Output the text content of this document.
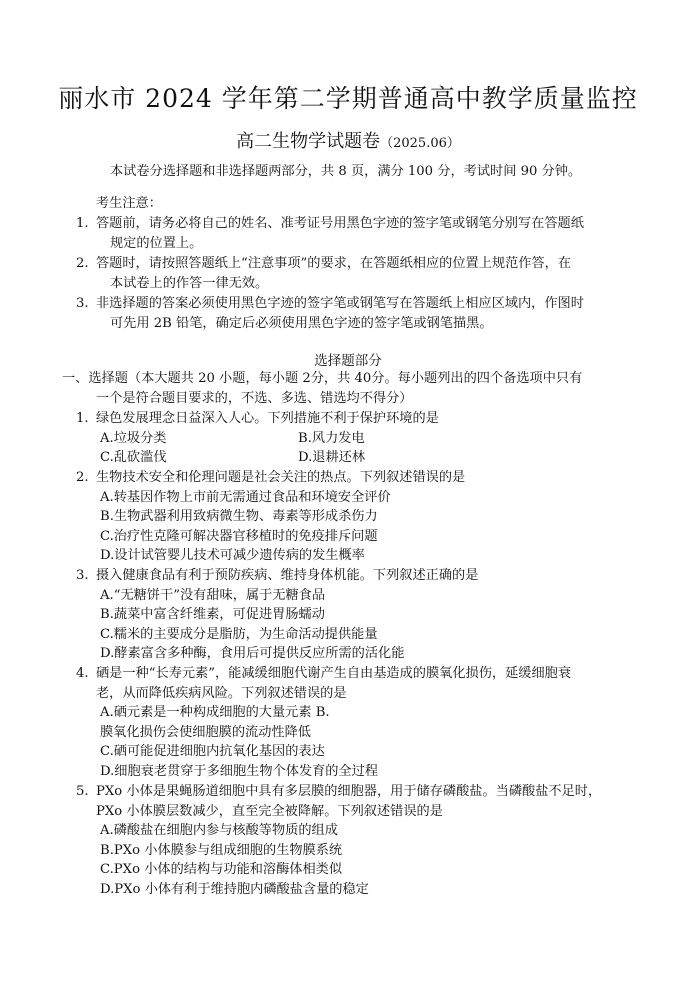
丽水市 2024 学年第二学期普通高中教学质量监控
高二生物学试题卷（2025.06）
本试卷分选择题和非选择题两部分，共 8 页，满分 100 分，考试时间 90 分钟。
考生注意：
1. 答题前，请务必将自己的姓名、准考证号用黑色字迹的签字笔或钢笔分别写在答题纸
规定的位置上。
2. 答题时，请按照答题纸上“注意事项”的要求，在答题纸相应的位置上规范作答，在
本试卷上的作答一律无效。
3. 非选择题的答案必须使用黑色字迹的签字笔或钢笔写在答题纸上相应区域内，作图时
可先用 2B 铅笔，确定后必须使用黑色字迹的签字笔或钢笔描黑。
选择题部分
一、选择题（本大题共 20 小题，每小题 2分，共 40分。每小题列出的四个备选项中只有
一个是符合题目要求的，不选、多选、错选均不得分）
1. 绿色发展理念日益深入人心。下列措施不利于保护环境的是
A.垃圾分类	B.风力发电
C.乱砍滥伐	D.退耕还林
2. 生物技术安全和伦理问题是社会关注的热点。下列叙述错误的是
A.转基因作物上市前无需通过食品和环境安全评价
B.生物武器利用致病微生物、毒素等形成杀伤力
C.治疗性克隆可解决器官移植时的免疫排斥问题
D.设计试管婴儿技术可减少遗传病的发生概率
3. 摄入健康食品有利于预防疾病、维持身体机能。下列叙述正确的是
A.“无糖饼干”没有甜味，属于无糖食品
B.蔬菜中富含纤维素，可促进胃肠蠕动
C.糯米的主要成分是脂肪，为生命活动提供能量
D.酵素富含多种酶，食用后可提供反应所需的活化能
4. 硒是一种“长寿元素”，能减缓细胞代谢产生自由基造成的膜氧化损伤，延缓细胞衰
老，从而降低疾病风险。下列叙述错误的是
A.硒元素是一种构成细胞的大量元素 B.
膜氧化损伤会使细胞膜的流动性降低
C.硒可能促进细胞内抗氧化基因的表达
D.细胞衰老贯穿于多细胞生物个体发育的全过程
5. PXo 小体是果蝇肠道细胞中具有多层膜的细胞器，用于储存磷酸盐。当磷酸盐不足时，
PXo 小体膜层数减少，直至完全被降解。下列叙述错误的是
A.磷酸盐在细胞内参与核酸等物质的组成
B.PXo 小体膜参与组成细胞的生物膜系统
C.PXo 小体的结构与功能和溶酶体相类似
D.PXo 小体有利于维持胞内磷酸盐含量的稳定
